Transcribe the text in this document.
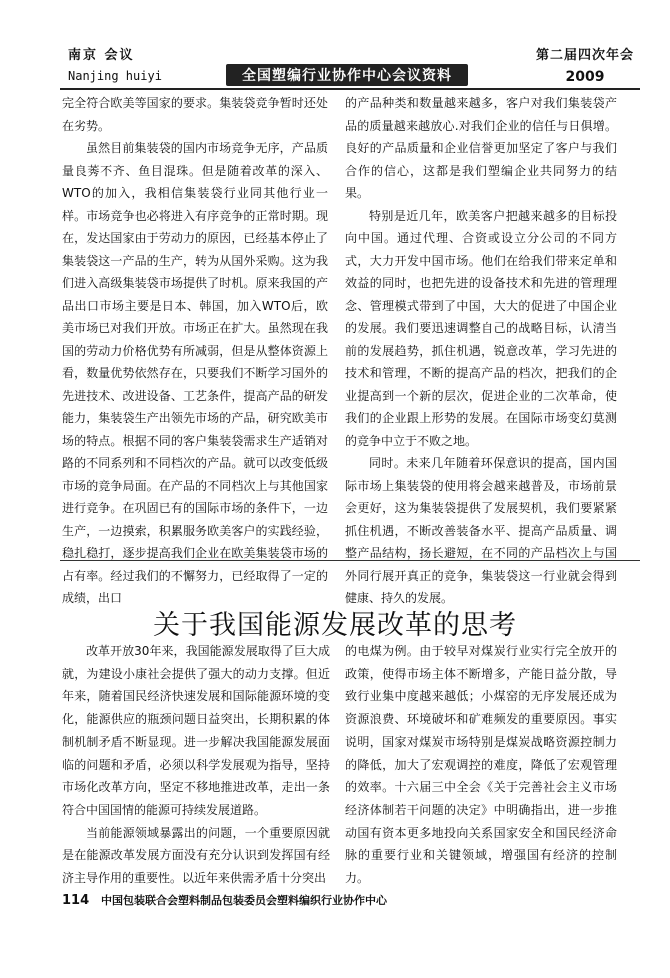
南京 会议
Nanjing huiyi	全国塑编行业协作中心会议资料
第二届四次年会
2009

完全符合欧美等国家的要求。集装袋竞争暂时还处在劣势。

虽然目前集装袋的国内市场竞争无序，产品质量良莠不齐、鱼目混珠。但是随着改革的深入、WTO的加入，我相信集装袋行业同其他行业一样。市场竞争也必将进入有序竞争的正常时期。现在，发达国家由于劳动力的原因，已经基本停止了集装袋这一产品的生产，转为从国外采购。这为我们进入高级集装袋市场提供了时机。原来我国的产品出口市场主要是日本、韩国，加入WTO后，欧美市场已对我们开放。市场正在扩大。虽然现在我国的劳动力价格优势有所减弱，但是从整体资源上看，数量优势依然存在，只要我们不断学习国外的先进技术、改进设备、工艺条件，提高产品的研发能力，集装袋生产出领先市场的产品，研究欧美市场的特点。根据不同的客户集装袋需求生产适销对路的不同系列和不同档次的产品。就可以改变低级市场的竞争局面。在产品的不同档次上与其他国家进行竞争。在巩固已有的国际市场的条件下，一边生产，一边摸索，积累服务欧美客户的实践经验，稳扎稳打，逐步提高我们企业在欧美集装袋市场的占有率。经过我们的不懈努力，已经取得了一定的成绩，出口

的产品种类和数量越来越多，客户对我们集装袋产品的质量越来越放心.对我们企业的信任与日俱增。良好的产品质量和企业信誉更加坚定了客户与我们合作的信心，这都是我们塑编企业共同努力的结果。

特别是近几年，欧美客户把越来越多的目标投向中国。通过代理、合资或设立分公司的不同方式，大力开发中国市场。他们在给我们带来定单和效益的同时，也把先进的设备技术和先进的管理理念、管理模式带到了中国，大大的促进了中国企业的发展。我们要迅速调整自己的战略目标，认清当前的发展趋势，抓住机遇，锐意改革，学习先进的技术和管理，不断的提高产品的档次，把我们的企业提高到一个新的层次，促进企业的二次革命，使我们的企业跟上形势的发展。在国际市场变幻莫测的竞争中立于不败之地。

同时。未来几年随着环保意识的提高，国内国际市场上集装袋的使用将会越来越普及，市场前景会更好，这为集装袋提供了发展契机，我们要紧紧抓住机遇，不断改善装备水平、提高产品质量、调整产品结构，扬长避短，在不同的产品档次上与国外同行展开真正的竞争，集装袋这一行业就会得到健康、持久的发展。

关于我国能源发展改革的思考

改革开放30年来，我国能源发展取得了巨大成就，为建设小康社会提供了强大的动力支撑。但近年来，随着国民经济快速发展和国际能源环境的变化，能源供应的瓶颈问题日益突出，长期积累的体制机制矛盾不断显现。进一步解决我国能源发展面临的问题和矛盾，必须以科学发展观为指导，坚持市场化改革方向，坚定不移地推进改革，走出一条符合中国国情的能源可持续发展道路。

当前能源领域暴露出的问题，一个重要原因就是在能源改革发展方面没有充分认识到发挥国有经济主导作用的重要性。以近年来供需矛盾十分突出

的电煤为例。由于较早对煤炭行业实行完全放开的政策，使得市场主体不断增多，产能日益分散，导致行业集中度越来越低；小煤窑的无序发展还成为资源浪费、环境破坏和矿难频发的重要原因。事实说明，国家对煤炭市场特别是煤炭战略资源控制力的降低，加大了宏观调控的难度，降低了宏观管理的效率。十六届三中全会《关于完善社会主义市场经济体制若干问题的决定》中明确指出，进一步推动国有资本更多地投向关系国家安全和国民经济命脉的重要行业和关键领域，增强国有经济的控制力。

114 中国包装联合会塑料制品包装委员会塑料编织行业协作中心
